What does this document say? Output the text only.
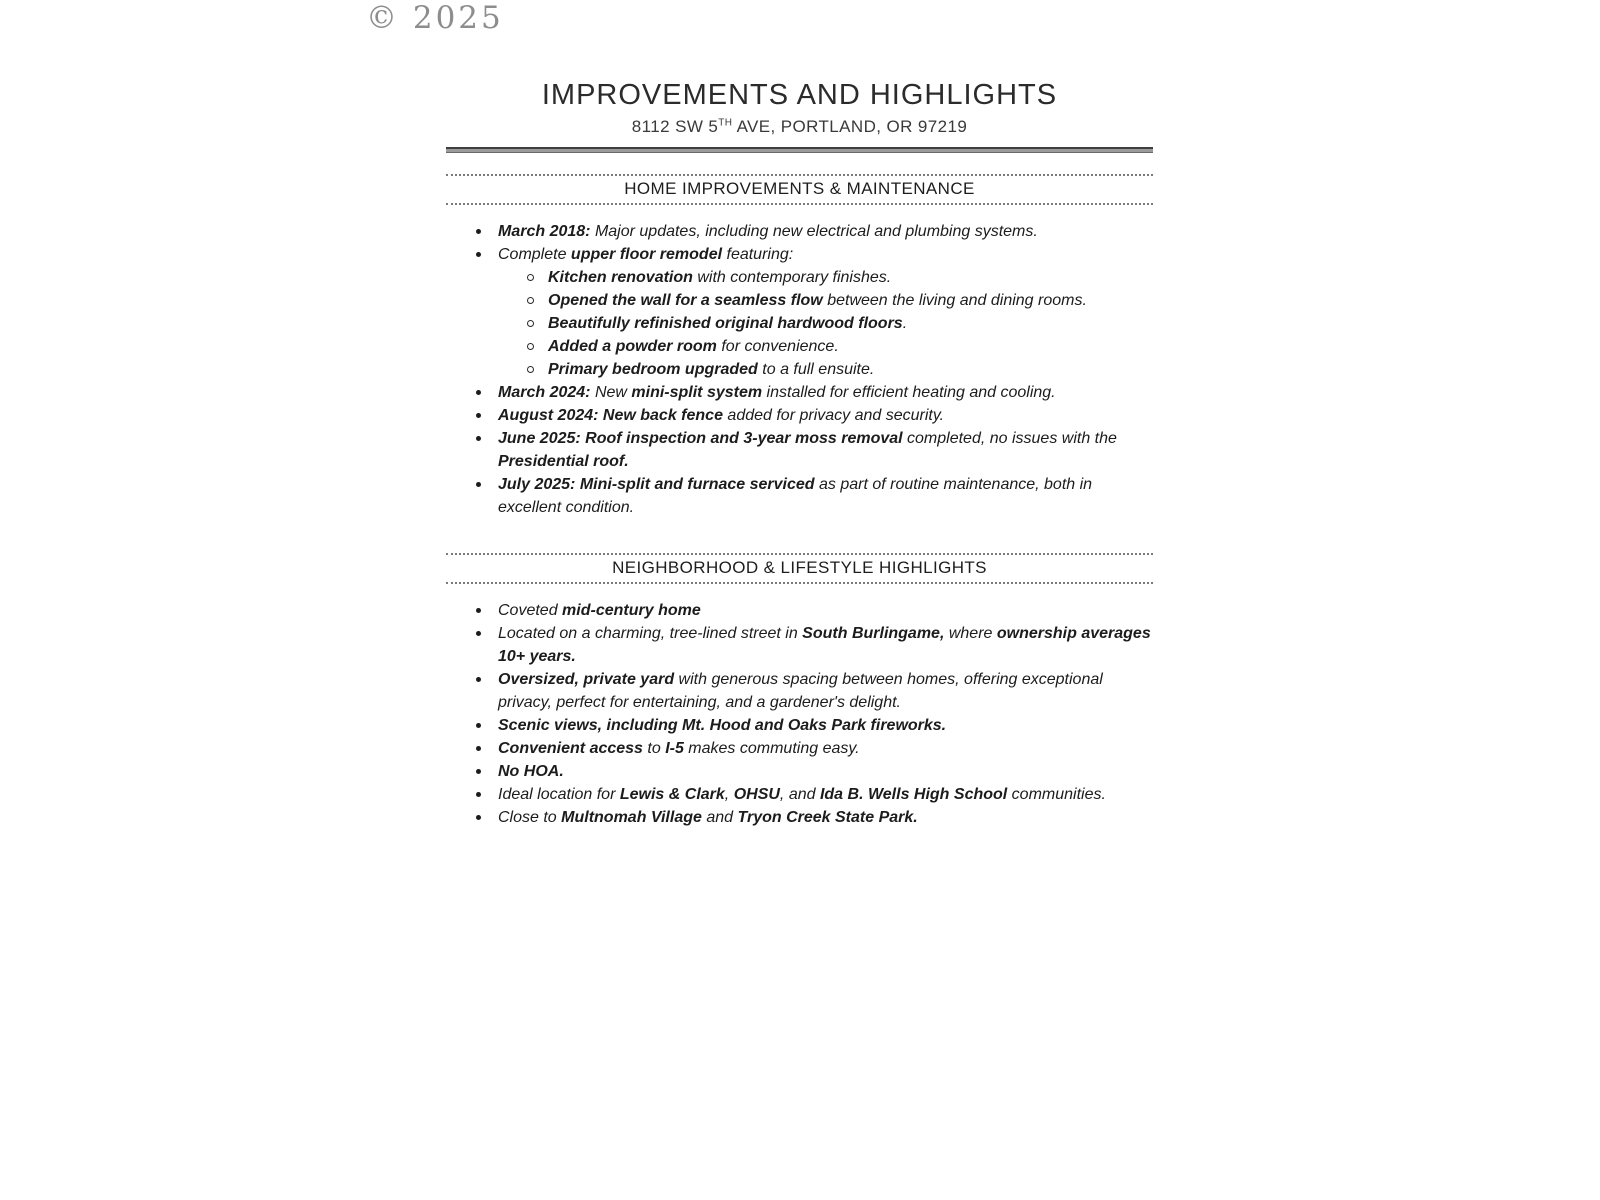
© 2025
IMPROVEMENTS AND HIGHLIGHTS
8112 SW 5TH AVE, PORTLAND, OR 97219
HOME IMPROVEMENTS & MAINTENANCE
March 2018: Major updates, including new electrical and plumbing systems.
Complete upper floor remodel featuring:
Kitchen renovation with contemporary finishes.
Opened the wall for a seamless flow between the living and dining rooms.
Beautifully refinished original hardwood floors.
Added a powder room for convenience.
Primary bedroom upgraded to a full ensuite.
March 2024: New mini-split system installed for efficient heating and cooling.
August 2024: New back fence added for privacy and security.
June 2025: Roof inspection and 3-year moss removal completed, no issues with the Presidential roof.
July 2025: Mini-split and furnace serviced as part of routine maintenance, both in excellent condition.
NEIGHBORHOOD & LIFESTYLE HIGHLIGHTS
Coveted mid-century home
Located on a charming, tree-lined street in South Burlingame, where ownership averages 10+ years.
Oversized, private yard with generous spacing between homes, offering exceptional privacy, perfect for entertaining, and a gardener's delight.
Scenic views, including Mt. Hood and Oaks Park fireworks.
Convenient access to I-5 makes commuting easy.
No HOA.
Ideal location for Lewis & Clark, OHSU, and Ida B. Wells High School communities.
Close to Multnomah Village and Tryon Creek State Park.
